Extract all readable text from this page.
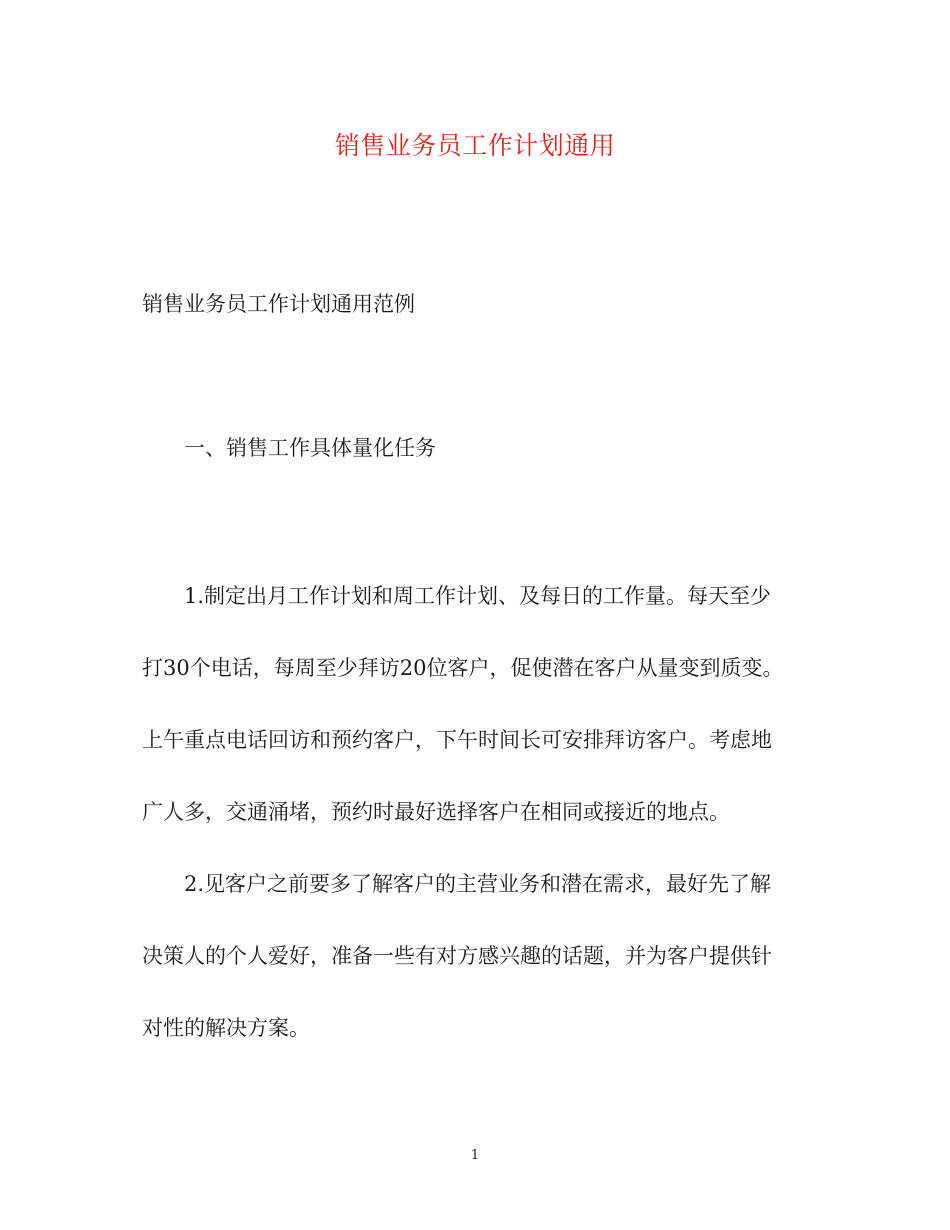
销售业务员工作计划通用
销售业务员工作计划通用范例
一、销售工作具体量化任务
1.制定出月工作计划和周工作计划、及每日的工作量。每天至少
打30个电话，每周至少拜访20位客户，促使潜在客户从量变到质变。
上午重点电话回访和预约客户，下午时间长可安排拜访客户。考虑地
广人多，交通涌堵，预约时最好选择客户在相同或接近的地点。
2.见客户之前要多了解客户的主营业务和潜在需求，最好先了解
决策人的个人爱好，准备一些有对方感兴趣的话题，并为客户提供针
对性的解决方案。
1
